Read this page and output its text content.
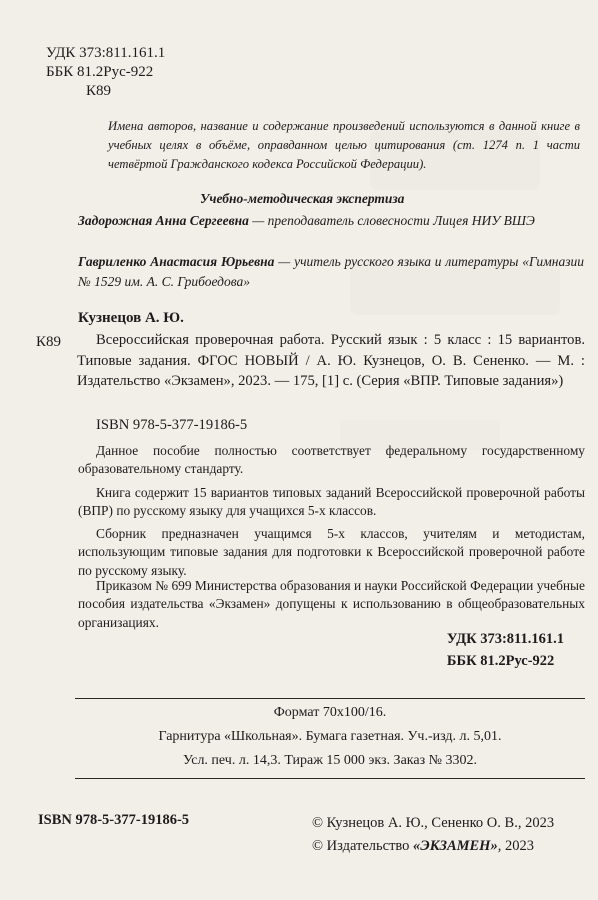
УДК 373:811.161.1
ББК 81.2Рус-922
К89
Имена авторов, название и содержание произведений используются в данной книге в учебных целях в объёме, оправданном целью цитирования (ст. 1274 п. 1 части четвёртой Гражданского кодекса Российской Федерации).
Учебно-методическая экспертиза
Задорожная Анна Сергеевна — преподаватель словесности Лицея НИУ ВШЭ
Гавриленко Анастасия Юрьевна — учитель русского языка и литературы «Гимназии № 1529 им. А. С. Грибоедова»
Кузнецов А. Ю.
К89	Всероссийская проверочная работа. Русский язык : 5 класс : 15 вариантов. Типовые задания. ФГОС НОВЫЙ / А. Ю. Кузнецов, О. В. Сененко. — М. : Издательство «Экзамен», 2023. — 175, [1] с. (Серия «ВПР. Типовые задания»)
ISBN 978-5-377-19186-5
Данное пособие полностью соответствует федеральному государственному образовательному стандарту.
Книга содержит 15 вариантов типовых заданий Всероссийской проверочной работы (ВПР) по русскому языку для учащихся 5-х классов.
Сборник предназначен учащимся 5-х классов, учителям и методистам, использующим типовые задания для подготовки к Всероссийской проверочной работе по русскому языку.
Приказом № 699 Министерства образования и науки Российской Федерации учебные пособия издательства «Экзамен» допущены к использованию в общеобразовательных организациях.
УДК 373:811.161.1
ББК 81.2Рус-922
Формат 70х100/16.
Гарнитура «Школьная». Бумага газетная. Уч.-изд. л. 5,01.
Усл. печ. л. 14,3. Тираж 15 000 экз. Заказ № 3302.
ISBN 978-5-377-19186-5	© Кузнецов А. Ю., Сененко О. В., 2023
© Издательство «ЭКЗАМЕН», 2023
